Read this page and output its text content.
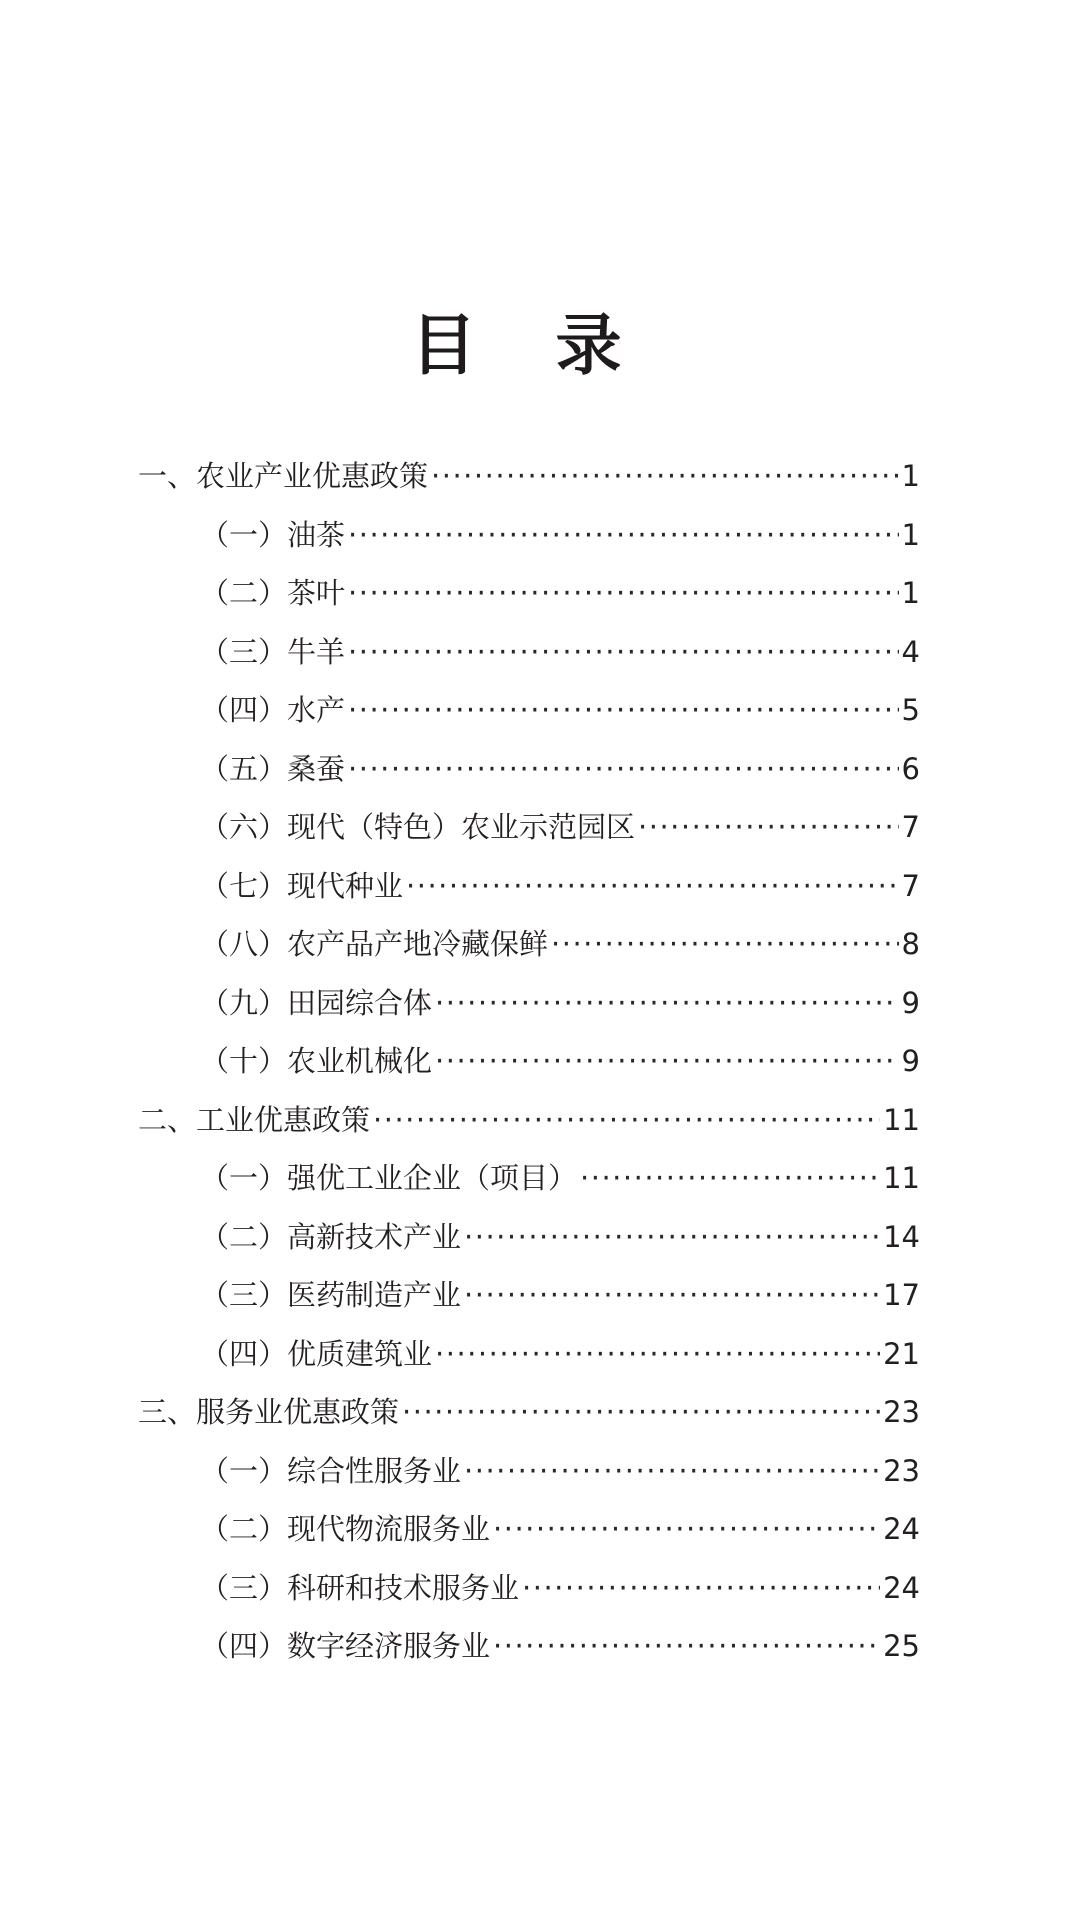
目 录
一、农业产业优惠政策 ·····	1
（一）油茶 ·····	1
（二）茶叶 ·····	1
（三）牛羊 ·····	4
（四）水产 ·····	5
（五）桑蚕 ·····	6
（六）现代（特色）农业示范园区 ·····	7
（七）现代种业 ·····	7
（八）农产品产地冷藏保鲜 ·····	8
（九）田园综合体 ·····	9
（十）农业机械化 ·····	9
二、工业优惠政策 ·····	11
（一）强优工业企业（项目） ·····	11
（二）高新技术产业 ·····	14
（三）医药制造产业 ·····	17
（四）优质建筑业 ·····	21
三、服务业优惠政策 ·····	23
（一）综合性服务业 ·····	23
（二）现代物流服务业 ·····	24
（三）科研和技术服务业 ·····	24
（四）数字经济服务业 ·····	25
